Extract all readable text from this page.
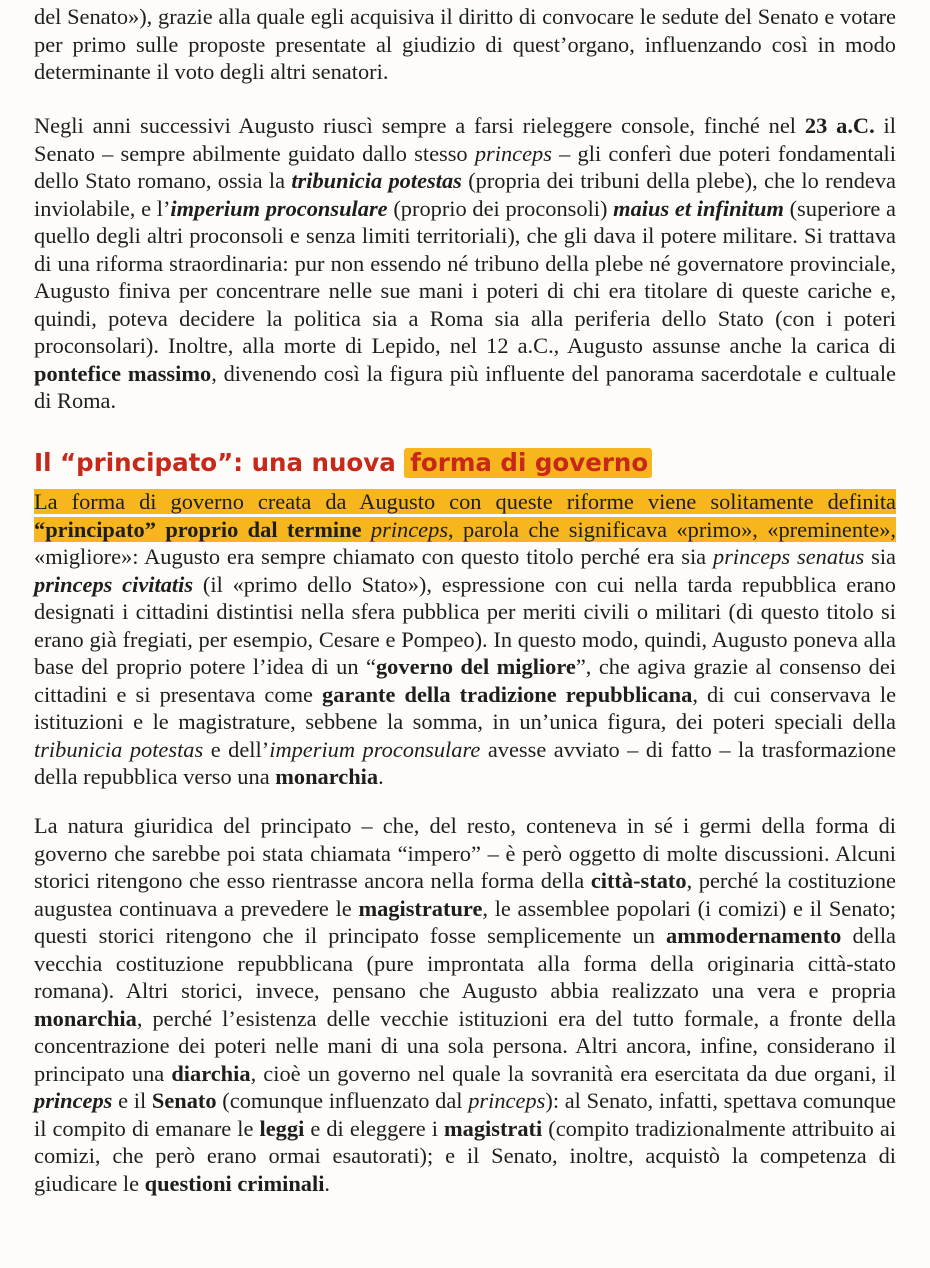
del Senato»), grazie alla quale egli acquisiva il diritto di convocare le sedute del Senato e votare per primo sulle proposte presentate al giudizio di quest’organo, influenzando così in modo determinante il voto degli altri senatori.

Negli anni successivi Augusto riuscì sempre a farsi rieleggere console, finché nel 23 a.C. il Senato – sempre abilmente guidato dallo stesso princeps – gli conferì due poteri fondamentali dello Stato romano, ossia la tribunicia potestas (propria dei tribuni della plebe), che lo rendeva inviolabile, e l’imperium proconsulare (proprio dei proconsoli) maius et infinitum (superiore a quello degli altri proconsoli e senza limiti territoriali), che gli dava il potere militare. Si trattava di una riforma straordinaria: pur non essendo né tribuno della plebe né governatore provinciale, Augusto finiva per concentrare nelle sue mani i poteri di chi era titolare di queste cariche e, quindi, poteva decidere la politica sia a Roma sia alla periferia dello Stato (con i poteri proconsolari). Inoltre, alla morte di Lepido, nel 12 a.C., Augusto assunse anche la carica di pontefice massimo, divenendo così la figura più influente del panorama sacerdotale e cultuale di Roma.

Il “principato”: una nuova forma di governo

La forma di governo creata da Augusto con queste riforme viene solitamente definita “principato” proprio dal termine princeps, parola che significava «primo», «preminente», «migliore»: Augusto era sempre chiamato con questo titolo perché era sia princeps senatus sia princeps civitatis (il «primo dello Stato»), espressione con cui nella tarda repubblica erano designati i cittadini distintisi nella sfera pubblica per meriti civili o militari (di questo titolo si erano già fregiati, per esempio, Cesare e Pompeo). In questo modo, quindi, Augusto poneva alla base del proprio potere l’idea di un “governo del migliore”, che agiva grazie al consenso dei cittadini e si presentava come garante della tradizione repubblicana, di cui conservava le istituzioni e le magistrature, sebbene la somma, in un’unica figura, dei poteri speciali della tribunicia potestas e dell’imperium proconsulare avesse avviato – di fatto – la trasformazione della repubblica verso una monarchia.

La natura giuridica del principato – che, del resto, conteneva in sé i germi della forma di governo che sarebbe poi stata chiamata “impero” – è però oggetto di molte discussioni. Alcuni storici ritengono che esso rientrasse ancora nella forma della città-stato, perché la costituzione augustea continuava a prevedere le magistrature, le assemblee popolari (i comizi) e il Senato; questi storici ritengono che il principato fosse semplicemente un ammodernamento della vecchia costituzione repubblicana (pure improntata alla forma della originaria città-stato romana). Altri storici, invece, pensano che Augusto abbia realizzato una vera e propria monarchia, perché l’esistenza delle vecchie istituzioni era del tutto formale, a fronte della concentrazione dei poteri nelle mani di una sola persona. Altri ancora, infine, considerano il principato una diarchia, cioè un governo nel quale la sovranità era esercitata da due organi, il princeps e il Senato (comunque influenzato dal princeps): al Senato, infatti, spettava comunque il compito di emanare le leggi e di eleggere i magistrati (compito tradizionalmente attribuito ai comizi, che però erano ormai esautorati); e il Senato, inoltre, acquistò la competenza di giudicare le questioni criminali.
